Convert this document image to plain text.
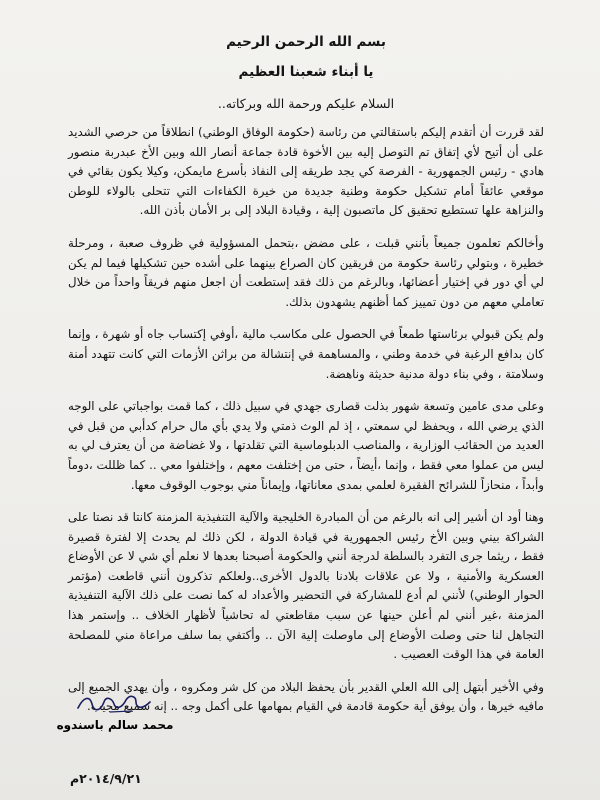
بسم الله الرحمن الرحيم
يا أبناء شعبنا العظيم
السلام عليكم ورحمة الله وبركاته..

لقد قررت أن أتقدم إليكم باستقالتي من رئاسة (حكومة الوفاق الوطني) انطلاقاً من حرصي الشديد على أن أتيح لأي إتفاق تم التوصل إليه بين الأخوة قادة جماعة أنصار الله وبين الأخ عبدربة منصور هادي - رئيس الجمهورية - الفرصة كي يجد طريقه إلى النفاذ بأسرع مايمكن، وكيلا يكون بقائي في موقعي عائقاً أمام تشكيل حكومة وطنية جديدة من خيرة الكفاءات التي تتحلى بالولاء للوطن والنزاهة علها تستطيع تحقيق كل ماتصبون إلية ، وقيادة البلاد إلى بر الأمان بأذن الله.

وأخالكم تعلمون جميعاً بأنني قبلت ، على مضض ،بتحمل المسؤولية في ظروف صعبة ، ومرحلة خطيرة ، وبتولي رئاسة حكومة من فريقين كان الصراع بينهما على أشده حين تشكيلها فيما لم يكن لي أي دور في إختيار أعضائها، وبالرغم من ذلك فقد إستطعت أن اجعل منهم فريقاً واحداً من خلال تعاملي معهم من دون تمييز كما أظنهم يشهدون بذلك.

ولم يكن قبولي برئاستها طمعاً في الحصول على مكاسب مالية ،أوفي إكتساب جاه أو شهرة ، وإنما كان بدافع الرغبة في خدمة وطني ، والمساهمة في إنتشالة من براثن الأزمات التي كانت تتهدد أمنة وسلامتة ، وفي بناء دولة مدنية حديثة وناهضة.

وعلى مدى عامين وتسعة شهور بذلت قصارى جهدي في سبيل ذلك ، كما قمت بواجباتي على الوجه الذي يرضي الله ، ويحفظ لي سمعتي ، إذ لم الوث ذمتي ولا يدي بأي مال حرام كدأبي من قبل في العديد من الحقائب الوزارية ، والمناصب الدبلوماسية التي تقلدتها ، ولا غضاضة من أن يعترف لي به ليس من عملوا معي فقط ، وإنما ،أيضاً ، حتى من إختلفت معهم ، وإختلفوا معي .. كما ظللت ،دوماً وأبداً ، منحازاً للشرائح الفقيرة لعلمي بمدى معاناتها، وإيماناً مني بوجوب الوقوف معها.

وهنا أود ان أشير إلى انه بالرغم من أن المبادرة الخليجية والآلية التنفيذية المزمنة كانتا قد نصتا على الشراكة بيني وبين الأخ رئيس الجمهورية في قيادة الدولة ، لكن ذلك لم يحدث إلا لفترة قصيرة فقط ، ريثما جرى التفرد بالسلطة لدرجة أنني والحكومة أصبحنا بعدها لا نعلم أي شي لا عن الأوضاع العسكرية والأمنية ، ولا عن علاقات بلادنا بالدول الأخرى..ولعلكم تذكرون أنني قاطعت (مؤتمر الحوار الوطني) لأنني لم أدع للمشاركة في التحضير والأعداد له كما نصت على ذلك الآلية التنفيذية المزمنة ،غير أنني لم أعلن حينها عن سبب مقاطعتي له تحاشياً لأظهار الخلاف .. وإستمر هذا التجاهل لنا حتى وصلت الأوضاع إلى ماوصلت إلية الآن .. وأكتفي بما سلف مراعاة مني للمصلحة العامة في هذا الوقت العصيب .

وفي الأخير أبتهل إلى الله العلي القدير بأن يحفظ البلاد من كل شر ومكروه ، وأن يهدي الجميع إلى مافيه خيرها ، وأن يوفق أية حكومة قادمة في القيام بمهامها على أكمل وجه .. إنه سميع مجيب.

محمد سالم باسندوه
٢٠١٤/٩/٢١م
